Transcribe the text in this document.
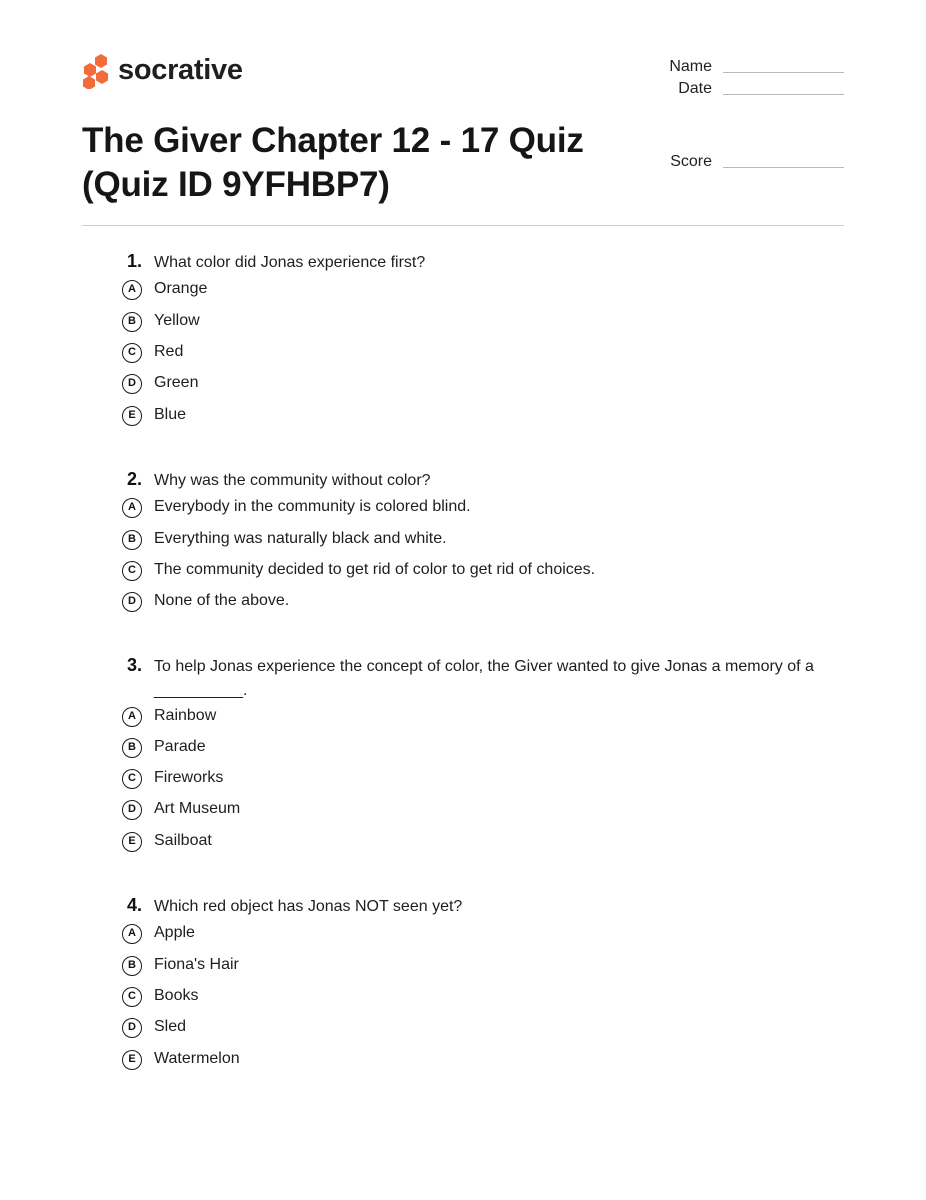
socrative	Name
Date
Score
The Giver Chapter 12 - 17 Quiz
(Quiz ID 9YFHBP7)
1. What color did Jonas experience first?
A	Orange
B	Yellow
C	Red
D	Green
E	Blue
2. Why was the community without color?
A	Everybody in the community is colored blind.
B	Everything was naturally black and white.
C	The community decided to get rid of color to get rid of choices.
D	None of the above.
3. To help Jonas experience the concept of color, the Giver wanted to give Jonas a memory of a __________.
A	Rainbow
B	Parade
C	Fireworks
D	Art Museum
E	Sailboat
4. Which red object has Jonas NOT seen yet?
A	Apple
B	Fiona's Hair
C	Books
D	Sled
E	Watermelon
